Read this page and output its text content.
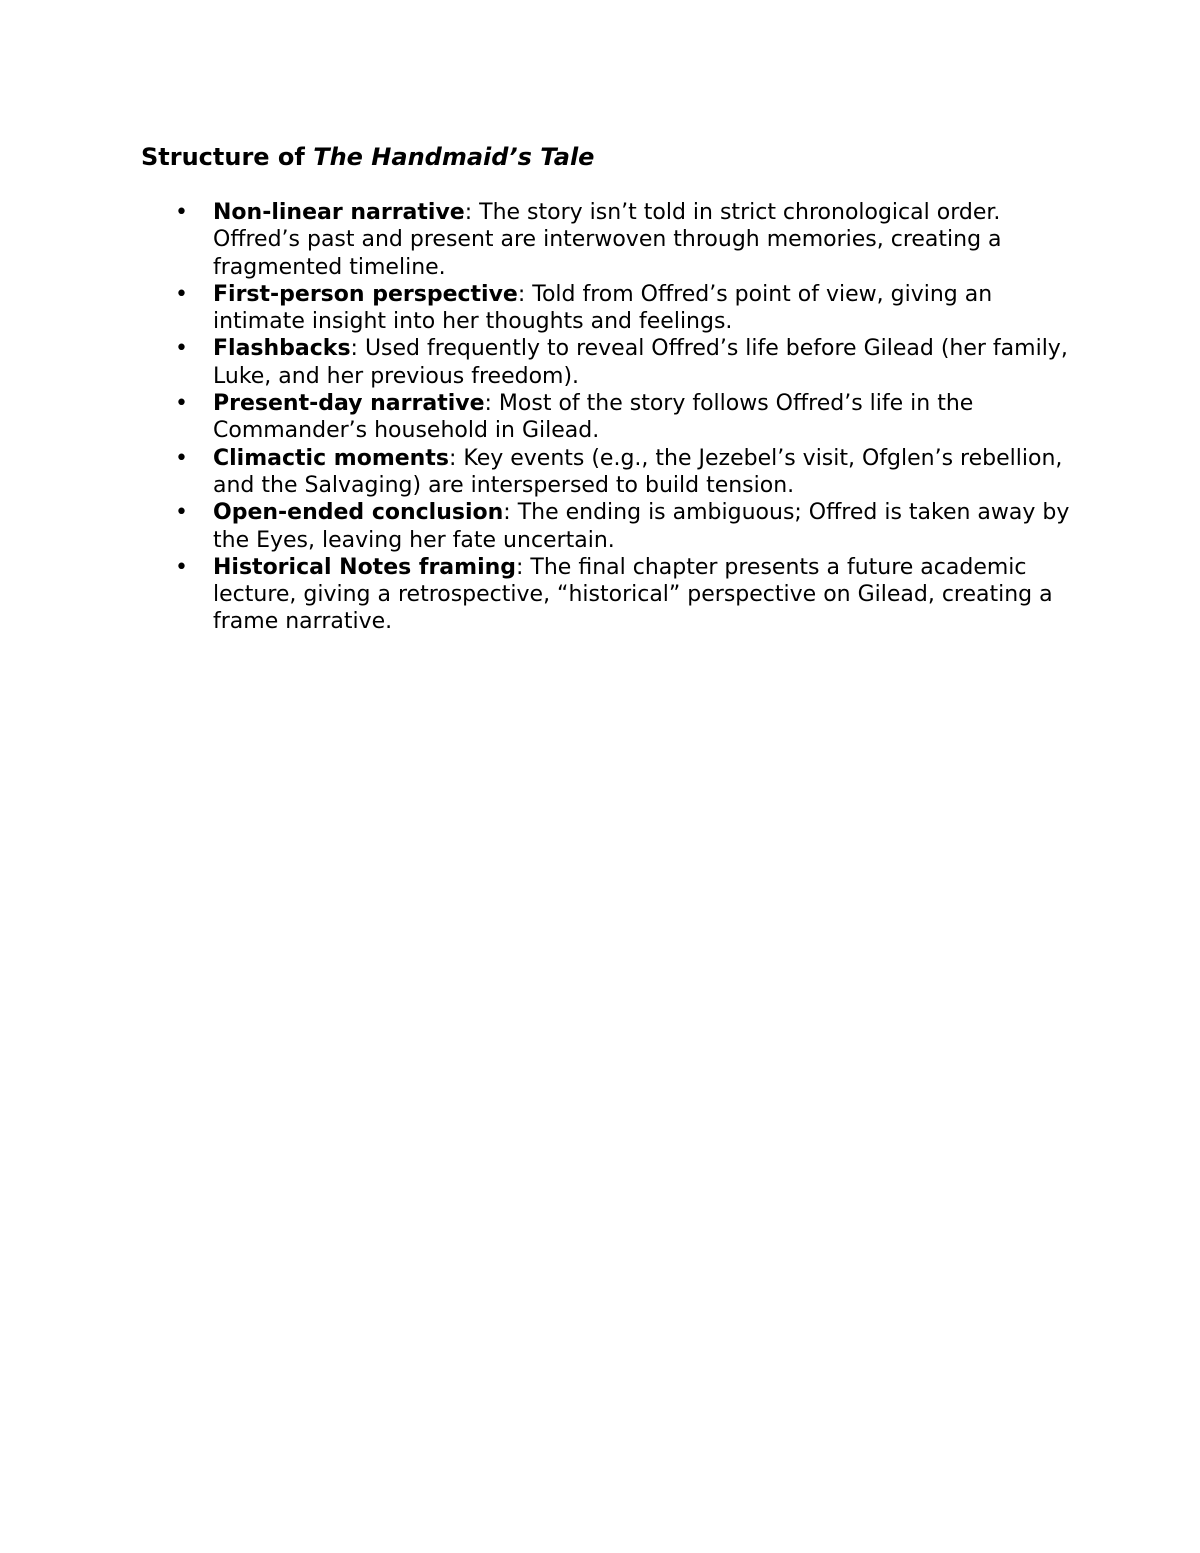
Structure of The Handmaid’s Tale
• Non-linear narrative: The story isn’t told in strict chronological order. Offred’s past and present are interwoven through memories, creating a fragmented timeline.
• First-person perspective: Told from Offred’s point of view, giving an intimate insight into her thoughts and feelings.
• Flashbacks: Used frequently to reveal Offred’s life before Gilead (her family, Luke, and her previous freedom).
• Present-day narrative: Most of the story follows Offred’s life in the Commander’s household in Gilead.
• Climactic moments: Key events (e.g., the Jezebel’s visit, Ofglen’s rebellion, and the Salvaging) are interspersed to build tension.
• Open-ended conclusion: The ending is ambiguous; Offred is taken away by the Eyes, leaving her fate uncertain.
• Historical Notes framing: The final chapter presents a future academic lecture, giving a retrospective, “historical” perspective on Gilead, creating a frame narrative.
